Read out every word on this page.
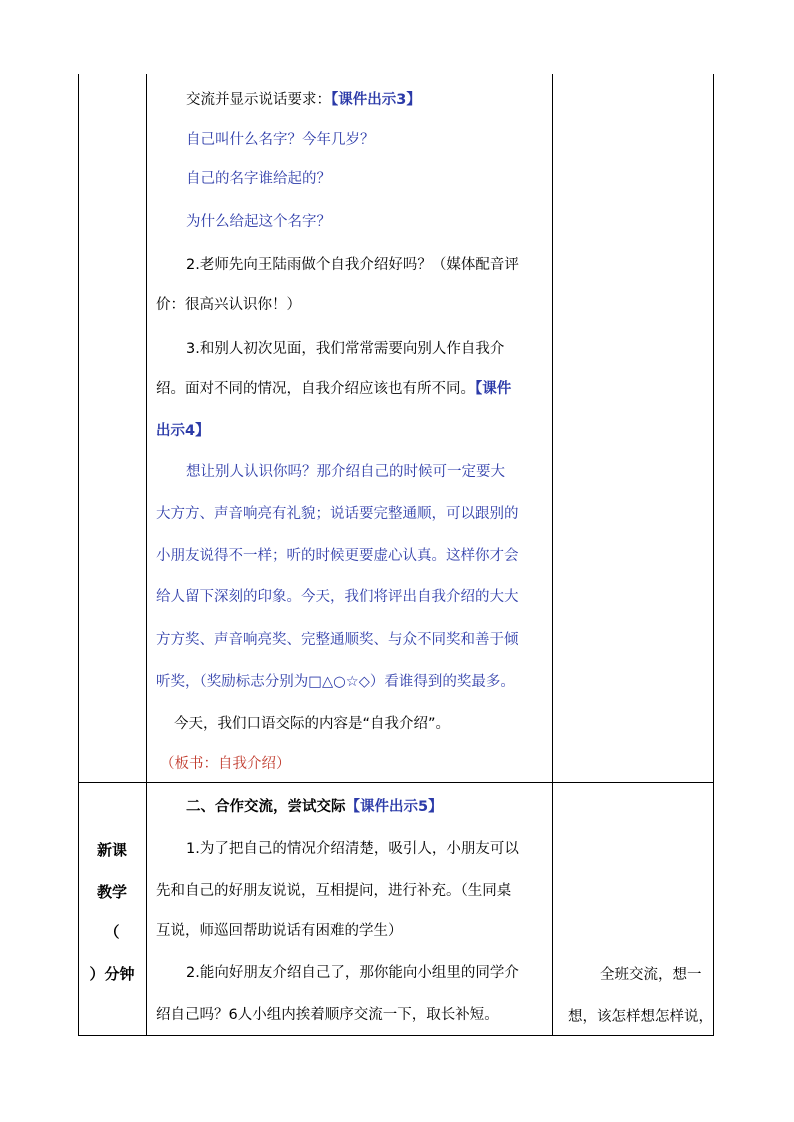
交流并显示说话要求：【课件出示3】

自己叫什么名字？今年几岁？

自己的名字谁给起的？

为什么给起这个名字？

2.老师先向王陆雨做个自我介绍好吗？（媒体配音评

价：很高兴认识你！）

3.和别人初次见面，我们常常需要向别人作自我介

绍。面对不同的情况，自我介绍应该也有所不同。【课件

出示4】

想让别人认识你吗？那介绍自己的时候可一定要大

大方方、声音响亮有礼貌；说话要完整通顺，可以跟别的

小朋友说得不一样；听的时候更要虚心认真。这样你才会

给人留下深刻的印象。今天，我们将评出自我介绍的大大

方方奖、声音响亮奖、完整通顺奖、与众不同奖和善于倾

听奖，（奖励标志分别为□△○☆◇）看谁得到的奖最多。

今天，我们口语交际的内容是“自我介绍”。

（板书：自我介绍）

新课
教学
（
）分钟

二、合作交流，尝试交际【课件出示5】

1.为了把自己的情况介绍清楚，吸引人，小朋友可以

先和自己的好朋友说说，互相提问，进行补充。（生同桌

互说，师巡回帮助说话有困难的学生）

2.能向好朋友介绍自己了，那你能向小组里的同学介

绍自己吗？6人小组内挨着顺序交流一下，取长补短。

全班交流，想一
想，该怎样想怎样说，
